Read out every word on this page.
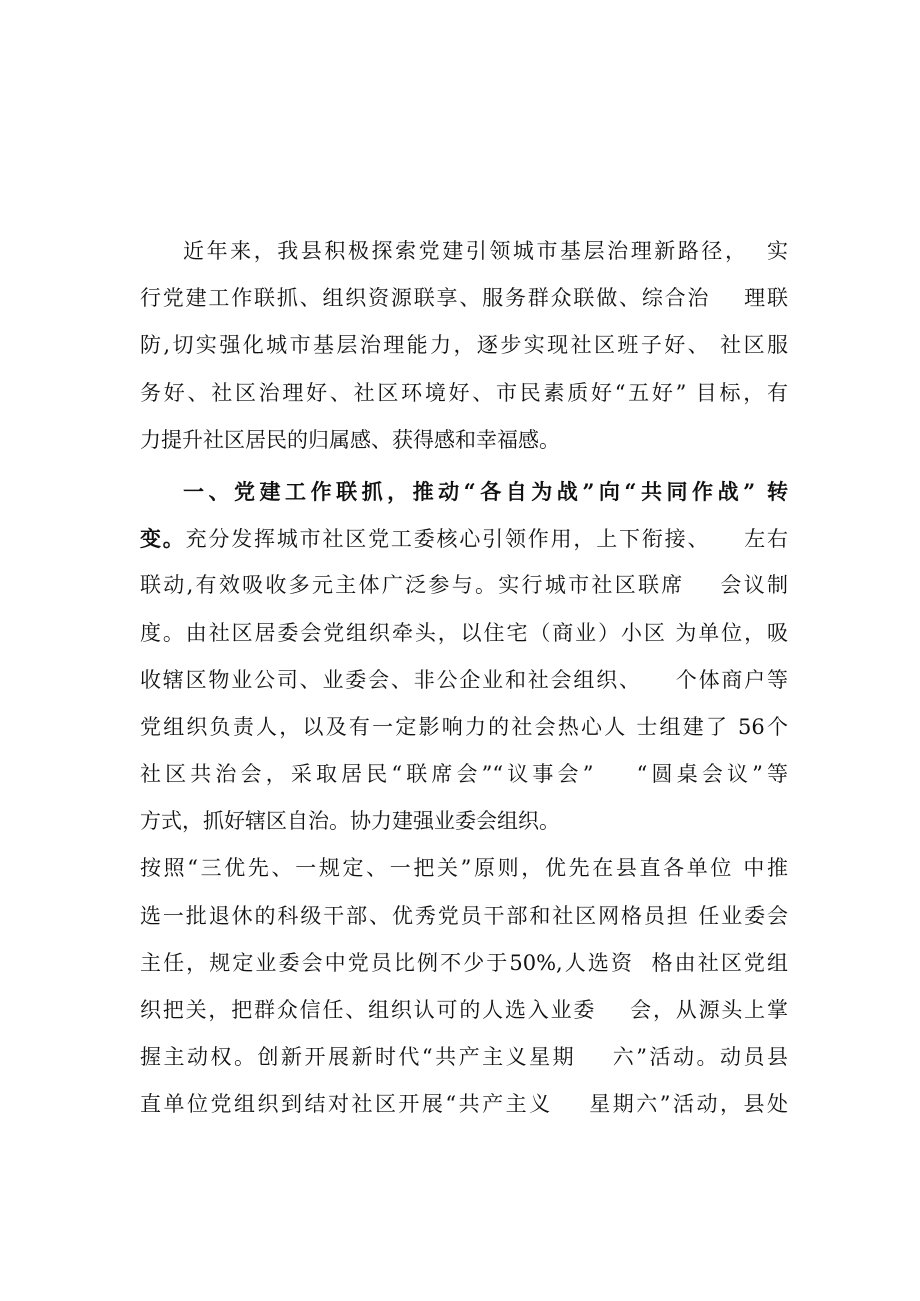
近年来，我县积极探索党建引领城市基层治理新路径，  实
行党建工作联抓、组织资源联享、服务群众联做、综合治    理联
防,切实强化城市基层治理能力，逐步实现社区班子好、 社区服
务好、社区治理好、社区环境好、市民素质好“五好” 目标，有
力提升社区居民的归属感、获得感和幸福感。
一、党建工作联抓，推动“各自为战”向“共同作战” 转
变。充分发挥城市社区党工委核心引领作用，上下衔接、    左右
联动,有效吸收多元主体广泛参与。实行城市社区联席    会议制
度。由社区居委会党组织牵头，以住宅（商业）小区 为单位，吸
收辖区物业公司、业委会、非公企业和社会组织、    个体商户等
党组织负责人，以及有一定影响力的社会热心人 士组建了 56个
社区共治会，采取居民“联席会”“议事会”    “圆桌会议”等
方式，抓好辖区自治。协力建强业委会组织。
按照“三优先、一规定、一把关”原则，优先在县直各单位 中推
选一批退休的科级干部、优秀党员干部和社区网格员担 任业委会
主任，规定业委会中党员比例不少于50%,人选资  格由社区党组
织把关，把群众信任、组织认可的人选入业委    会，从源头上掌
握主动权。创新开展新时代“共产主义星期    六”活动。动员县
直单位党组织到结对社区开展“共产主义    星期六”活动，县处
